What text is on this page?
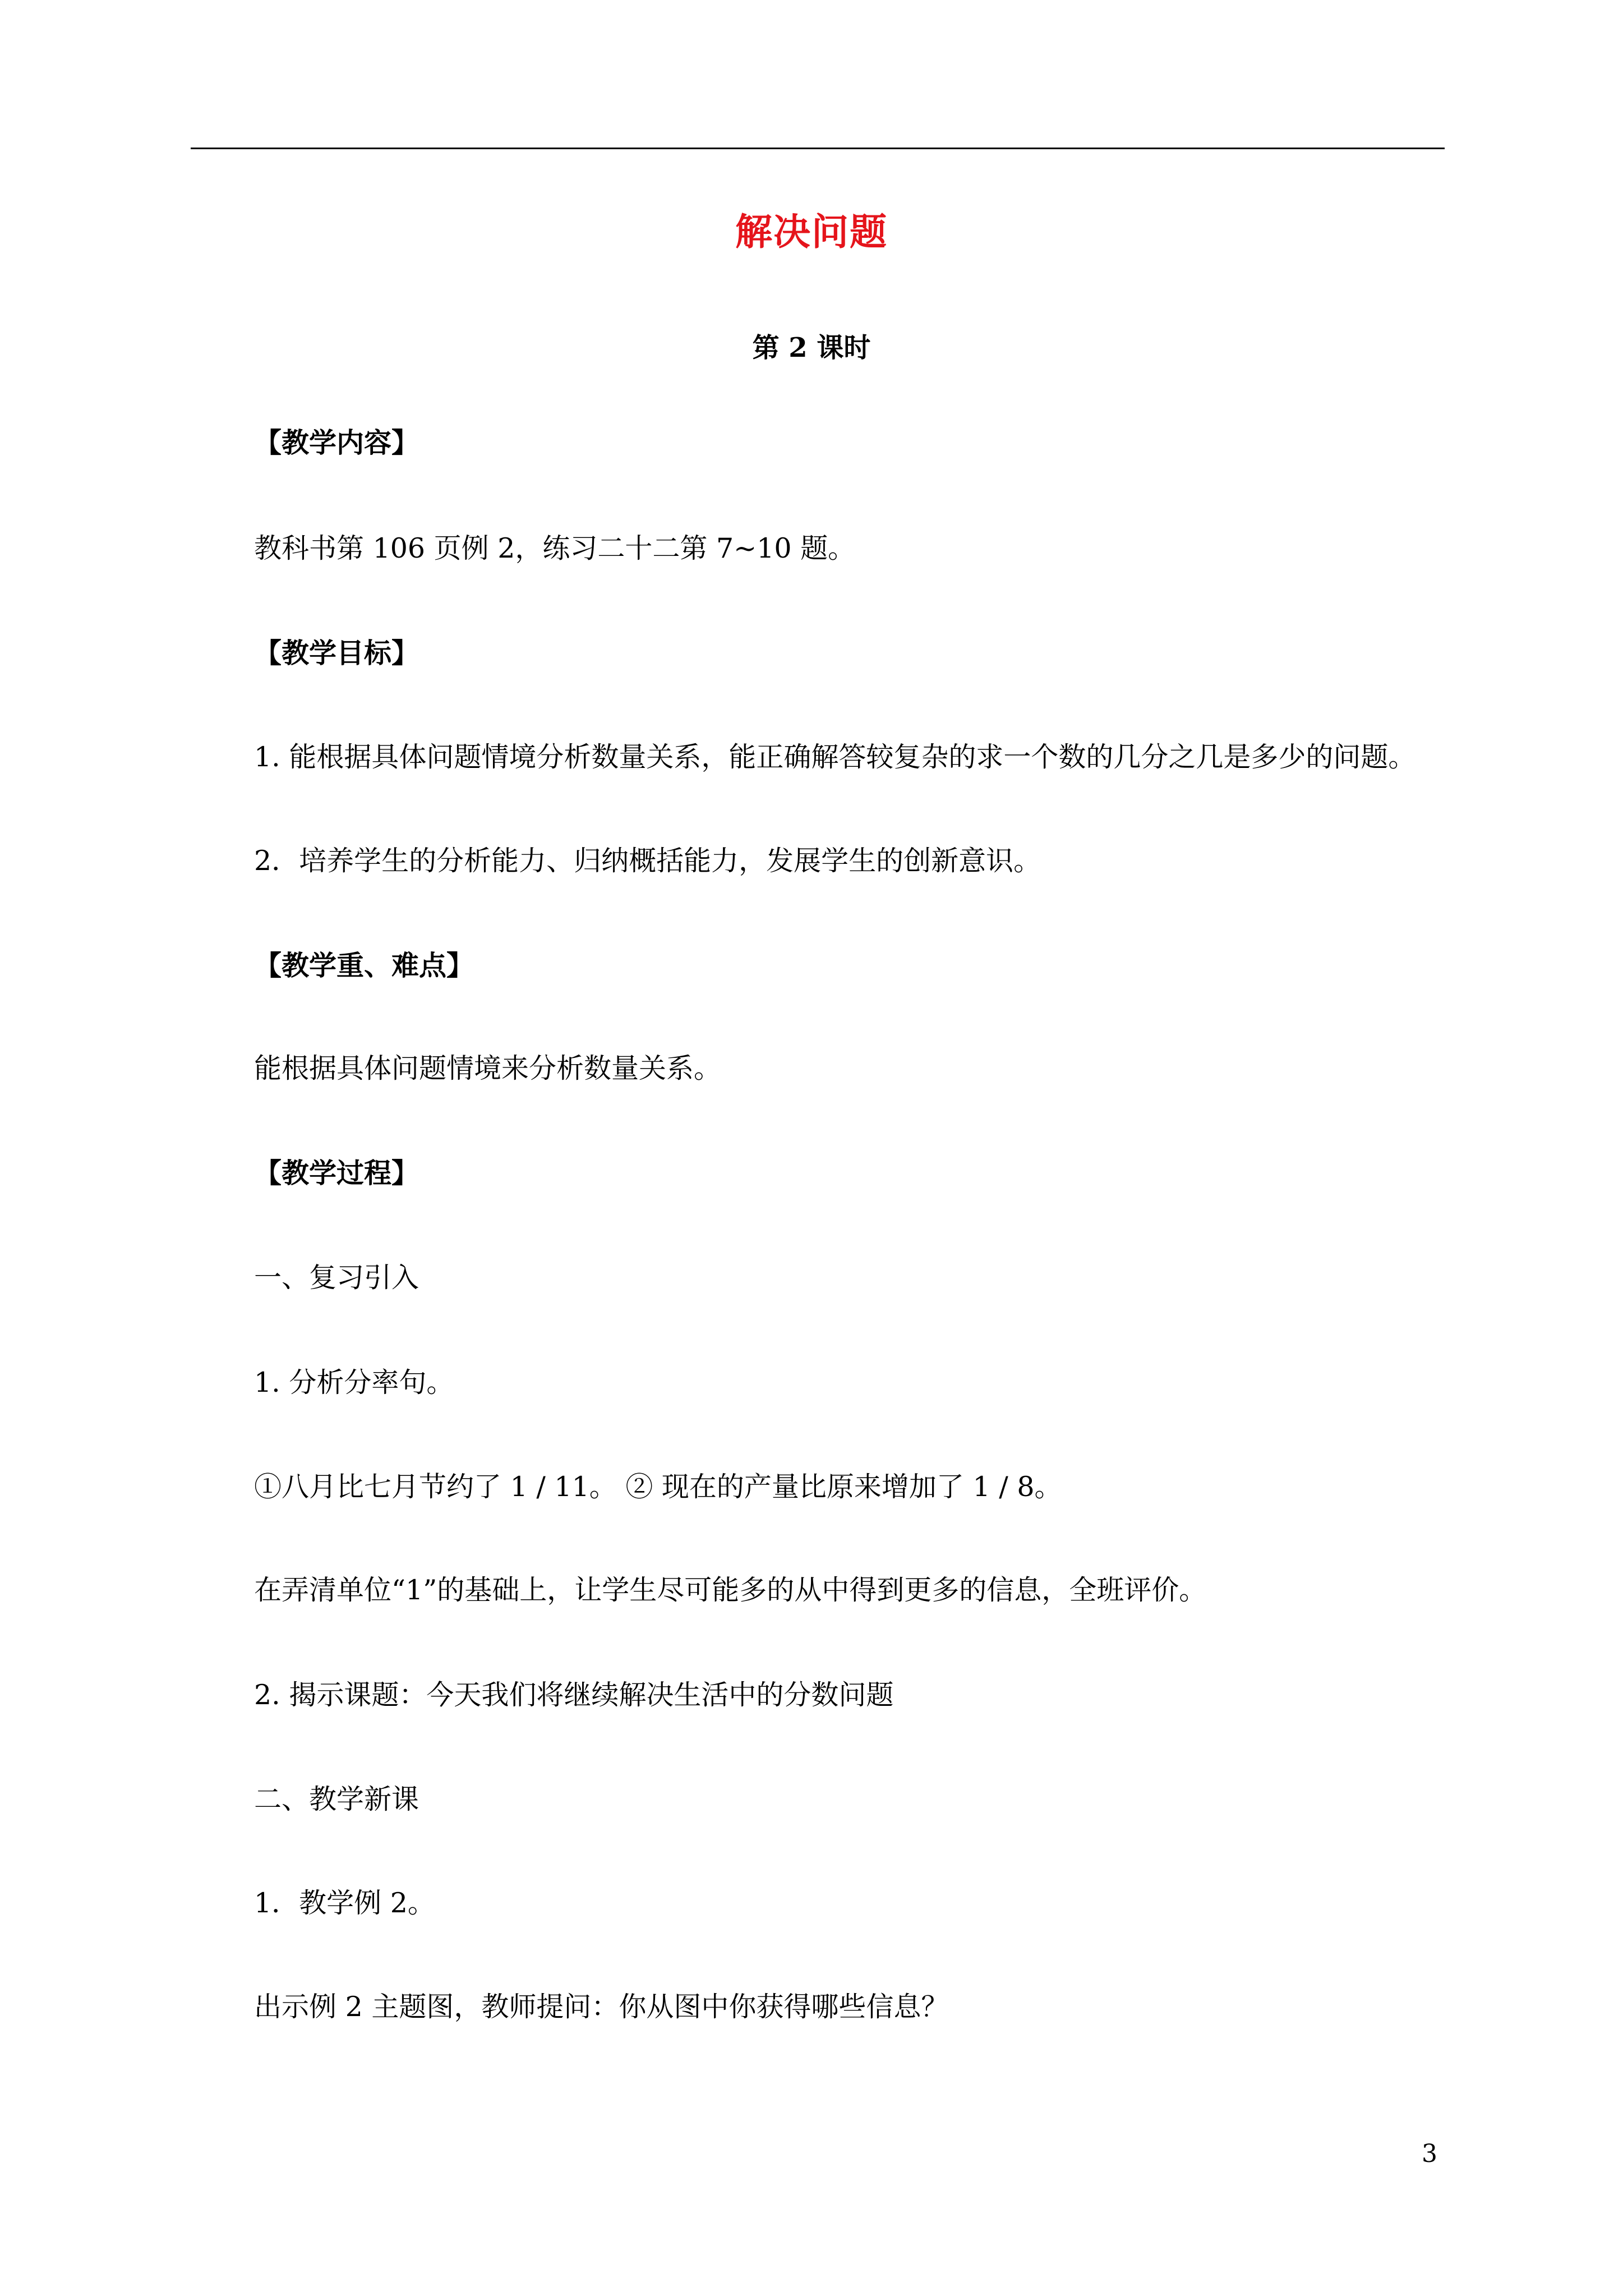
解决问题
第 2 课时
【教学内容】
教科书第 106 页例 2，练习二十二第 7~10 题。
【教学目标】
1. 能根据具体问题情境分析数量关系，能正确解答较复杂的求一个数的几分之几是多少的问题。
2．培养学生的分析能力、归纳概括能力，发展学生的创新意识。
【教学重、难点】
能根据具体问题情境来分析数量关系。
【教学过程】
一、复习引入
1. 分析分率句。
①八月比七月节约了 1 / 11。 ② 现在的产量比原来增加了 1 / 8。
在弄清单位“1”的基础上，让学生尽可能多的从中得到更多的信息，全班评价。
2. 揭示课题：今天我们将继续解决生活中的分数问题
二、教学新课
1．教学例 2。
出示例 2 主题图，教师提问：你从图中你获得哪些信息？
3
